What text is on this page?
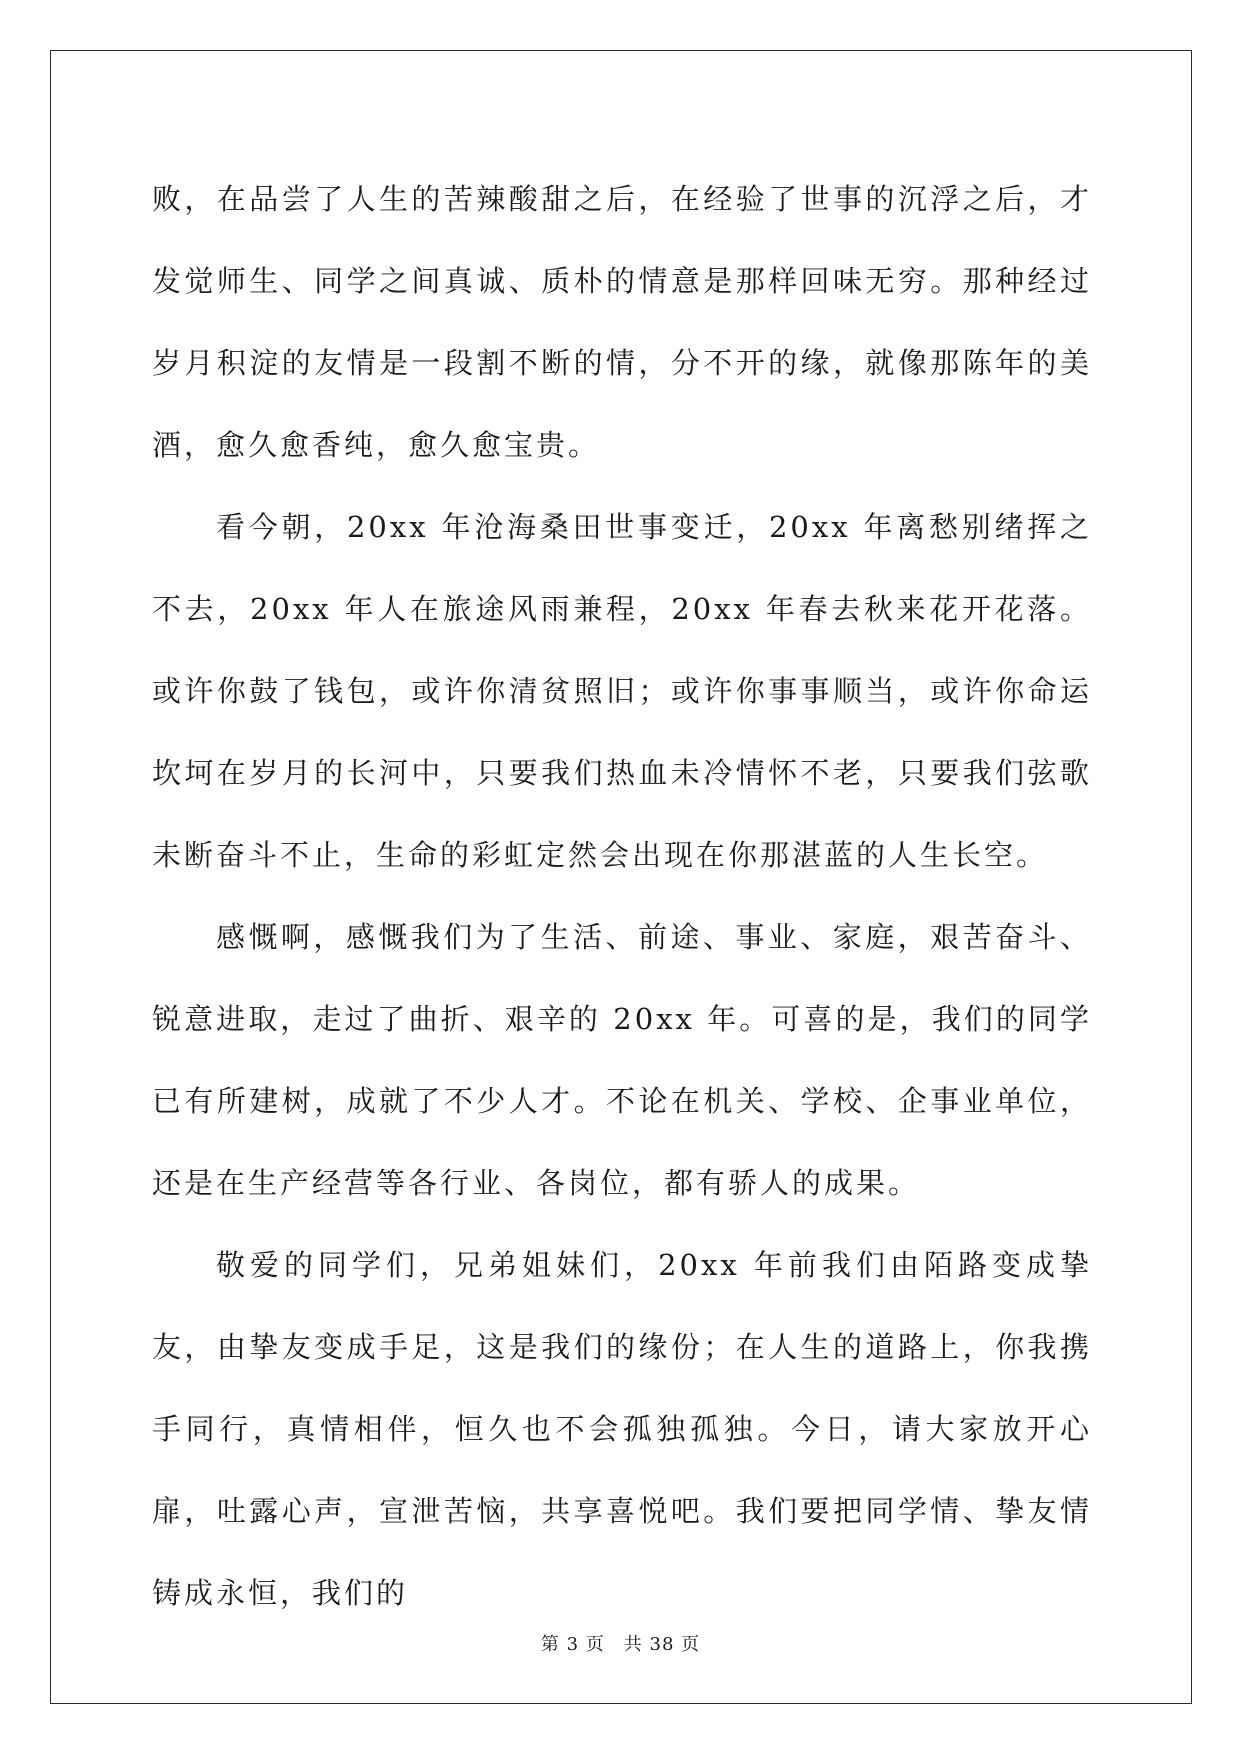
败，在品尝了人生的苦辣酸甜之后，在经验了世事的沉浮之后，才发觉师生、同学之间真诚、质朴的情意是那样回味无穷。那种经过岁月积淀的友情是一段割不断的情，分不开的缘，就像那陈年的美酒，愈久愈香纯，愈久愈宝贵。

看今朝，20xx 年沧海桑田世事变迁，20xx 年离愁别绪挥之不去，20xx 年人在旅途风雨兼程，20xx 年春去秋来花开花落。或许你鼓了钱包，或许你清贫照旧；或许你事事顺当，或许你命运坎坷在岁月的长河中，只要我们热血未冷情怀不老，只要我们弦歌未断奋斗不止，生命的彩虹定然会出现在你那湛蓝的人生长空。

感慨啊，感慨我们为了生活、前途、事业、家庭，艰苦奋斗、锐意进取，走过了曲折、艰辛的 20xx 年。可喜的是，我们的同学已有所建树，成就了不少人才。不论在机关、学校、企事业单位，还是在生产经营等各行业、各岗位，都有骄人的成果。

敬爱的同学们，兄弟姐妹们，20xx 年前我们由陌路变成挚友，由挚友变成手足，这是我们的缘份；在人生的道路上，你我携手同行，真情相伴，恒久也不会孤独孤独。今日，请大家放开心扉，吐露心声，宣泄苦恼，共享喜悦吧。我们要把同学情、挚友情铸成永恒，我们的

第 3 页　共 38 页
